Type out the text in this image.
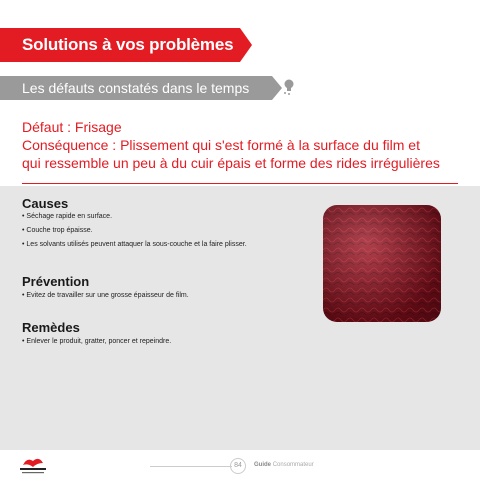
Solutions à vos problèmes
Les défauts constatés dans le temps
Défaut : Frisage
Conséquence : Plissement qui s'est formé à la surface du film et
qui ressemble un peu à du cuir épais et forme des rides irrégulières
Causes
• Séchage rapide en surface.
• Couche trop épaisse.
• Les solvants utilisés peuvent attaquer la sous-couche et la faire plisser.
Prévention
• Evitez de travailler sur une grosse épaisseur de film.
Remèdes
• Enlever le produit, gratter, poncer et repeindre.
84	Guide Consommateur
